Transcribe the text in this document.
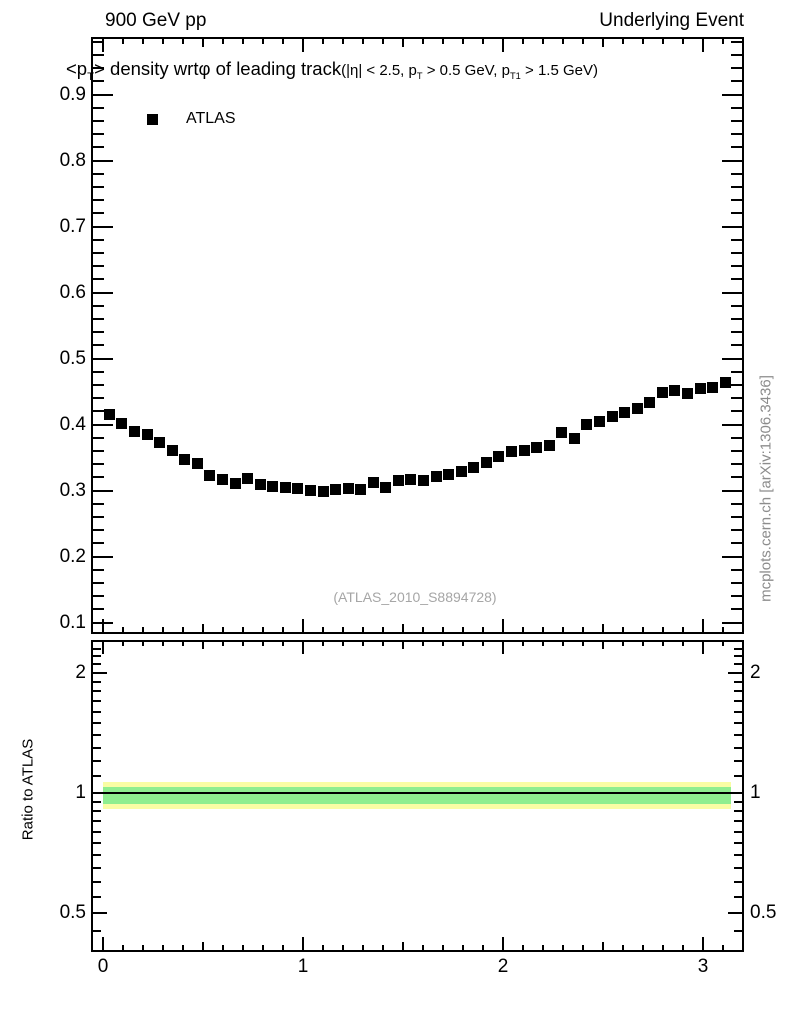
900 GeV pp	Underlying Event
0	1	2	3
0.1
0.2
0.3
0.4
0.5
0.6
0.7
0.8
0.9
0.5	0.5
1	1
2	2
$<p_T>$ density wrtφ of leading track(|η| < 2.5, $p_T > 0.5$ GeV, $p_{T1} > 1.5$ GeV)
ATLAS
(ATLAS_2010_S8894728)	mcplots.cern.ch [arXiv:1306.3436]
Ratio to ATLAS
